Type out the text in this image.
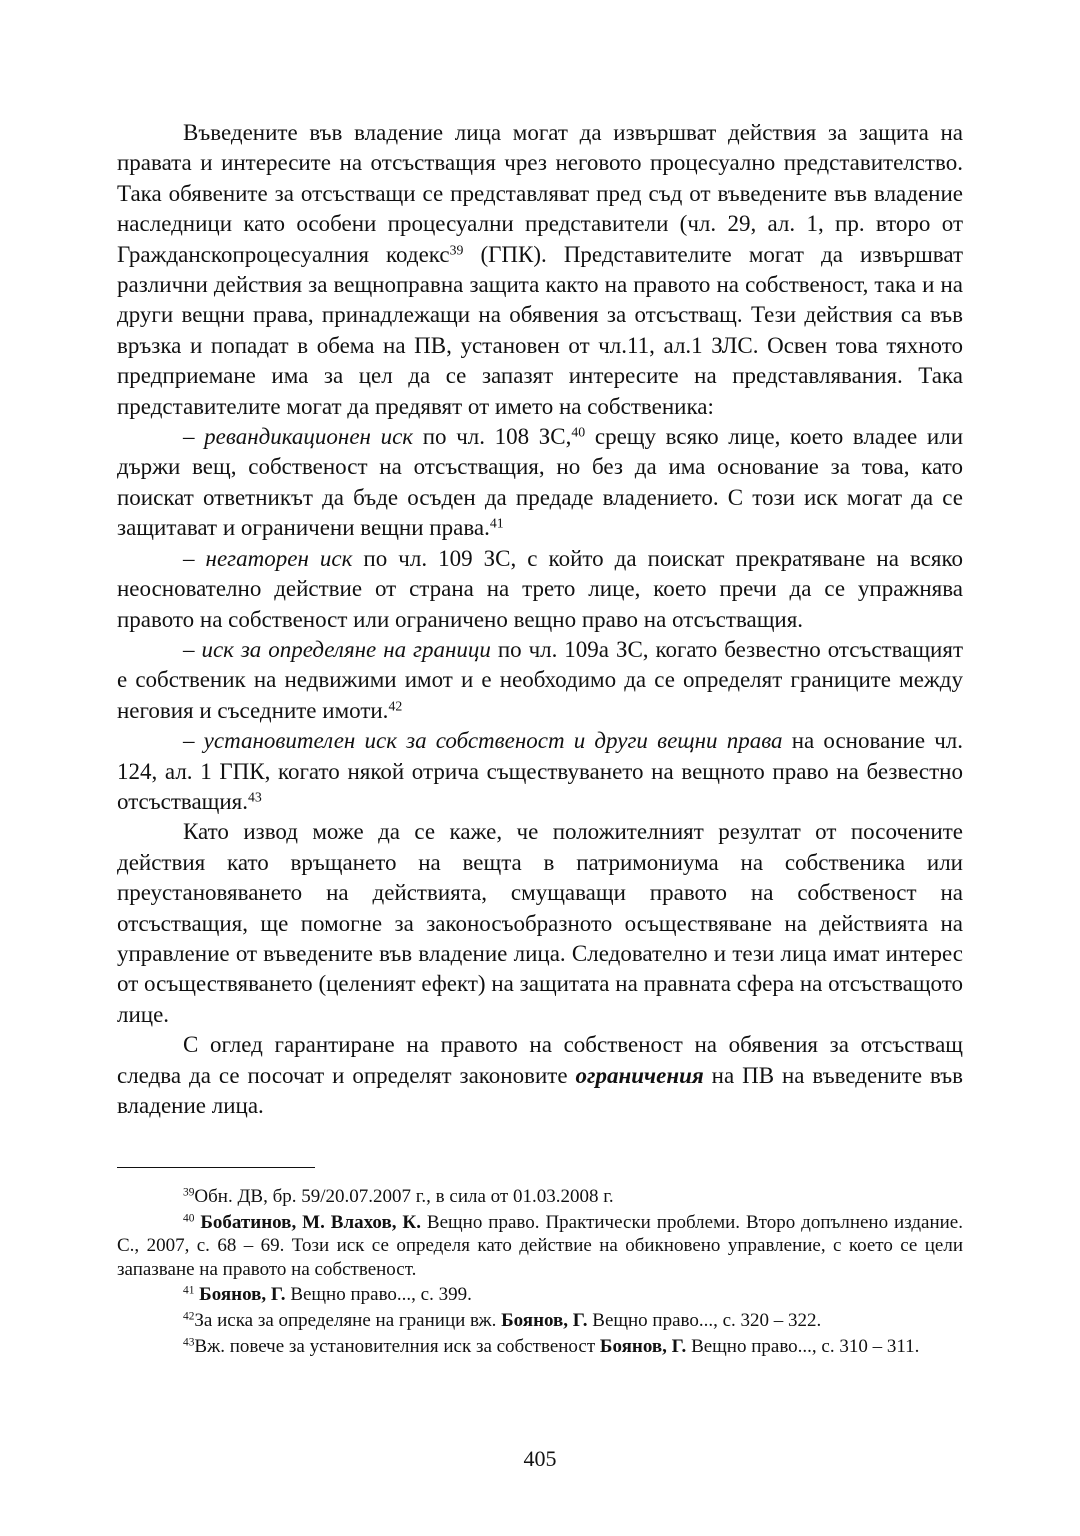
Въведените във владение лица могат да извършват действия за защита на правата и интересите на отсъстващия чрез неговото процесуално представителство. Така обявените за отсъстващи се представляват пред съд от въведените във владение наследници като особени процесуални представители (чл. 29, ал. 1, пр. второ от Гражданскопроцесуалния кодекс$^{39}$ (ГПК). Представителите могат да извършват различни действия за вещноправна защита както на правото на собственост, така и на други вещни права, принадлежащи на обявения за отсъстващ. Тези действия са във връзка и попадат в обема на ПВ, установен от чл.11, ал.1 ЗЛС. Освен това тяхното предприемане има за цел да се запазят интересите на представлявания. Така представителите могат да предявят от името на собственика:

– ревандикационен иск по чл. 108 ЗС,$^{40}$ срещу всяко лице, което владее или държи вещ, собственост на отсъстващия, но без да има основание за това, като поискат ответникът да бъде осъден да предаде владението. С този иск могат да се защитават и ограничени вещни права.$^{41}$

– негаторен иск по чл. 109 ЗС, с който да поискат прекратяване на всяко неоснователно действие от страна на трето лице, което пречи да се упражнява правото на собственост или ограничено вещно право на отсъстващия.

– иск за определяне на граници по чл. 109а ЗС, когато безвестно отсъстващият е собственик на недвижими имот и е необходимо да се определят границите между неговия и съседните имоти.$^{42}$

– установителен иск за собственост и други вещни права на основание чл. 124, ал. 1 ГПК, когато някой отрича съществуването на вещното право на безвестно отсъстващия.$^{43}$

Като извод може да се каже, че положителният резултат от посочените действия като връщането на вещта в патримониума на собственика или преустановяването на действията, смущаващи правото на собственост на отсъстващия, ще помогне за законосъобразното осъществяване на действията на управление от въведените във владение лица. Следователно и тези лица имат интерес от осъществяването (целеният ефект) на защитата на правната сфера на отсъстващото лице.

С оглед гарантиране на правото на собственост на обявения за отсъстващ следва да се посочат и определят законовите ограничения на ПВ на въведените във владение лица.

$^{39}$Обн. ДВ, бр. 59/20.07.2007 г., в сила от 01.03.2008 г.

$^{40}$ Бобатинов, М. Влахов, К. Вещно право. Практически проблеми. Второ допълнено издание. С., 2007, с. 68 – 69. Този иск се определя като действие на обикновено управление, с което се цели запазване на правото на собственост.

$^{41}$ Боянов, Г. Вещно право..., с. 399.

$^{42}$За иска за определяне на граници вж. Боянов, Г. Вещно право..., с. 320 – 322.

$^{43}$Вж. повече за установителния иск за собственост Боянов, Г. Вещно право..., с. 310 – 311.

405
